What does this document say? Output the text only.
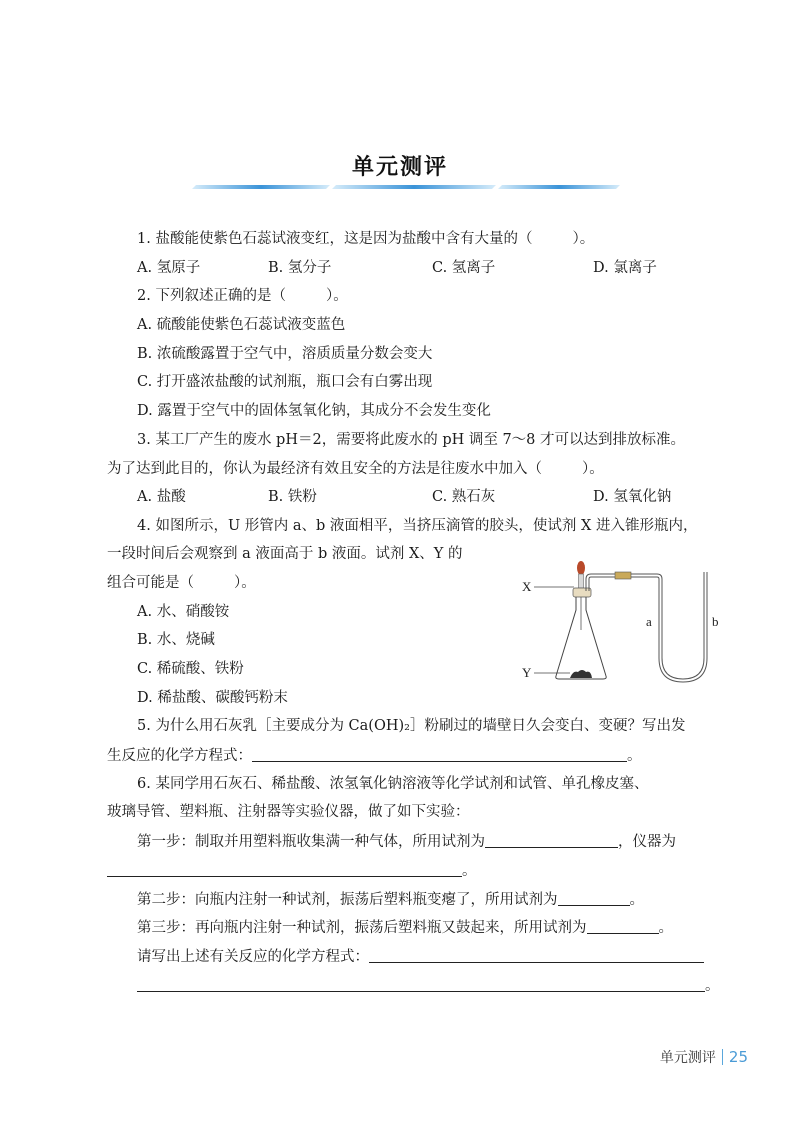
单元测评
1. 盐酸能使紫色石蕊试液变红，这是因为盐酸中含有大量的（	）。
A. 氢原子	B. 氢分子	C. 氢离子	D. 氯离子
2. 下列叙述正确的是（	）。
A. 硫酸能使紫色石蕊试液变蓝色
B. 浓硫酸露置于空气中，溶质质量分数会变大
C. 打开盛浓盐酸的试剂瓶，瓶口会有白雾出现
D. 露置于空气中的固体氢氧化钠，其成分不会发生变化
3. 某工厂产生的废水 pH＝2，需要将此废水的 pH 调至 7～8 才可以达到排放标准。
为了达到此目的，你认为最经济有效且安全的方法是往废水中加入（	）。
A. 盐酸	B. 铁粉	C. 熟石灰	D. 氢氧化钠
4. 如图所示，U 形管内 a、b 液面相平，当挤压滴管的胶头，使试剂 X 进入锥形瓶内，
一段时间后会观察到 a 液面高于 b 液面。试剂 X、Y 的
组合可能是（	）。
A. 水、硝酸铵
B. 水、烧碱
C. 稀硫酸、铁粉
D. 稀盐酸、碳酸钙粉末
X
Y
a	b
5. 为什么用石灰乳［主要成分为 Ca(OH)₂］粉刷过的墙壁日久会变白、变硬？写出发
生反应的化学方程式：	。
6. 某同学用石灰石、稀盐酸、浓氢氧化钠溶液等化学试剂和试管、单孔橡皮塞、
玻璃导管、塑料瓶、注射器等实验仪器，做了如下实验：
第一步：制取并用塑料瓶收集满一种气体，所用试剂为	，仪器为
。
第二步：向瓶内注射一种试剂，振荡后塑料瓶变瘪了，所用试剂为	。
第三步：再向瓶内注射一种试剂，振荡后塑料瓶又鼓起来，所用试剂为	。
请写出上述有关反应的化学方程式：
。
单元测评 25
